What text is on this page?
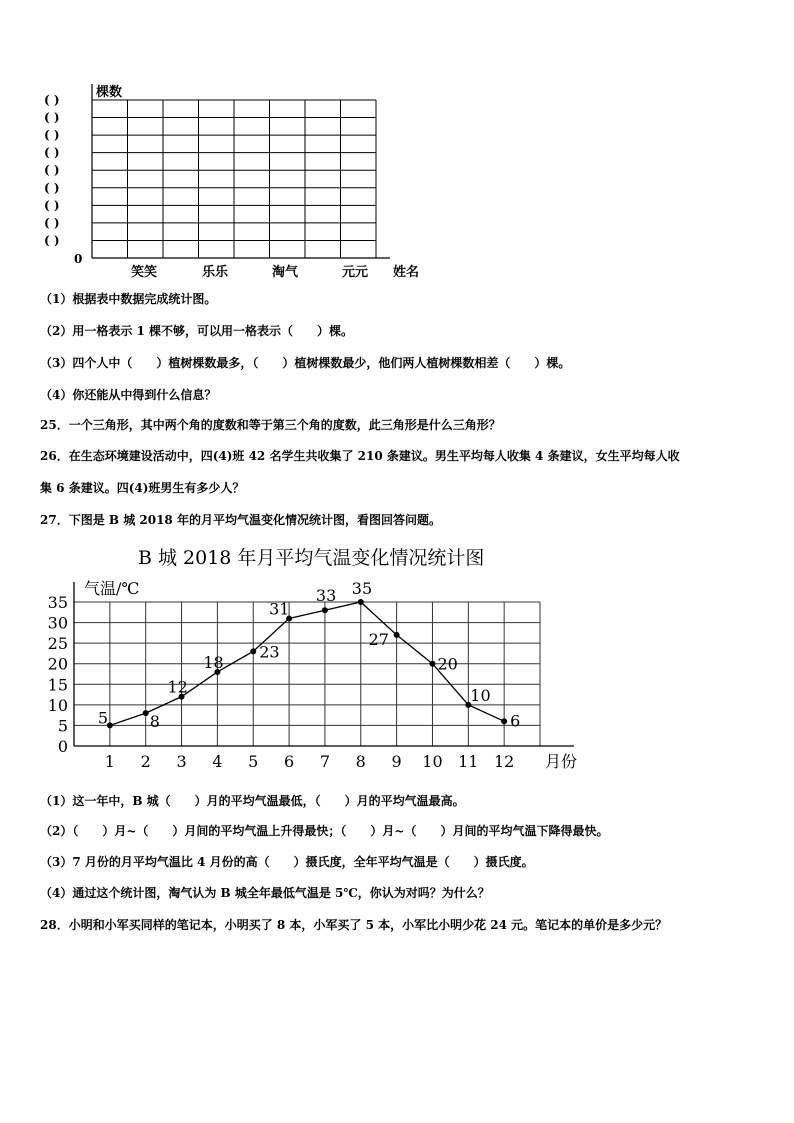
( )
( )
( )
( )
( )
( )
( )
( )
( )
棵数
0
笑笑	乐乐	淘气	元元 姓名
（1）根据表中数据完成统计图。
（2）用一格表示 1 棵不够，可以用一格表示（　　）棵。
（3）四个人中（　　）植树棵数最多，（　　）植树棵数最少，他们两人植树棵数相差（　　）棵。
（4）你还能从中得到什么信息？
25．一个三角形，其中两个角的度数和等于第三个角的度数，此三角形是什么三角形？
26．在生态环境建设活动中，四(4)班 42 名学生共收集了 210 条建议。男生平均每人收集 4 条建议，女生平均每人收
集 6 条建议。四(4)班男生有多少人？
27．下图是 B 城 2018 年的月平均气温变化情况统计图，看图回答问题。
B 城 2018 年月平均气温变化情况统计图
0
5
10
15
20
25
30
35
1 2 3 4 5 6 7 8 9 10 11 12
5	8
12
18
23
31
33 35
27
20
10
6
气温/℃
月份
（1）这一年中，B 城（　　）月的平均气温最低，（　　）月的平均气温最高。
（2）（　　）月~（　　）月间的平均气温上升得最快；（　　）月~（　　）月间的平均气温下降得最快。
（3）7 月份的月平均气温比 4 月份的高（　　）摄氏度，全年平均气温是（　　）摄氏度。
（4）通过这个统计图，淘气认为 B 城全年最低气温是 5℃，你认为对吗？为什么？
28．小明和小军买同样的笔记本，小明买了 8 本，小军买了 5 本，小军比小明少花 24 元。笔记本的单价是多少元？
